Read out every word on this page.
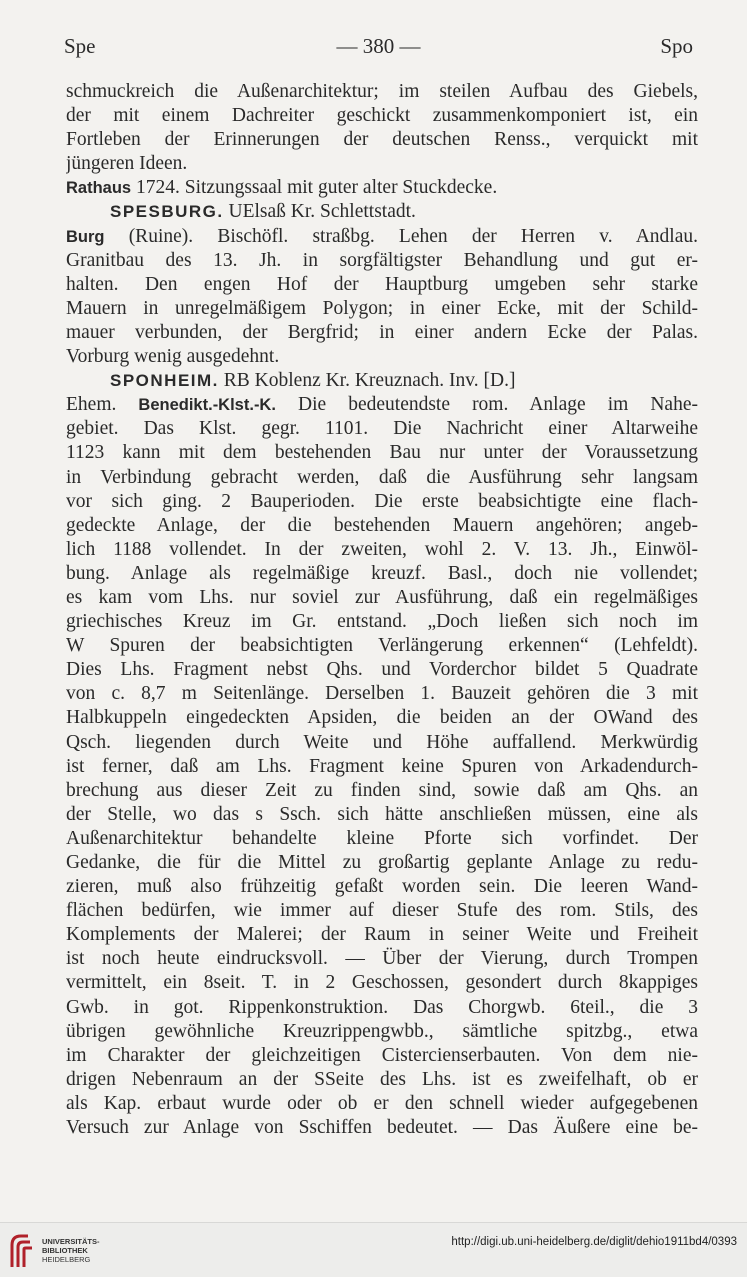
Spe	— 380 —	Spo
schmuckreich die Außenarchitektur; im steilen Aufbau des Giebels,
der mit einem Dachreiter geschickt zusammenkomponiert ist, ein
Fortleben der Erinnerungen der deutschen Renss., verquickt mit
jüngeren Ideen.
Rathaus 1724. Sitzungssaal mit guter alter Stuckdecke.
SPESBURG. UElsaß Kr. Schlettstadt.
Burg (Ruine). Bischöfl. straßbg. Lehen der Herren v. Andlau.
Granitbau des 13. Jh. in sorgfältigster Behandlung und gut er-
halten. Den engen Hof der Hauptburg umgeben sehr starke
Mauern in unregelmäßigem Polygon; in einer Ecke, mit der Schild-
mauer verbunden, der Bergfrid; in einer andern Ecke der Palas.
Vorburg wenig ausgedehnt.
SPONHEIM. RB Koblenz Kr. Kreuznach. Inv. [D.]
Ehem. Benedikt.-Klst.-K. Die bedeutendste rom. Anlage im Nahe-
gebiet. Das Klst. gegr. 1101. Die Nachricht einer Altarweihe
1123 kann mit dem bestehenden Bau nur unter der Voraussetzung
in Verbindung gebracht werden, daß die Ausführung sehr langsam
vor sich ging. 2 Bauperioden. Die erste beabsichtigte eine flach-
gedeckte Anlage, der die bestehenden Mauern angehören; angeb-
lich 1188 vollendet. In der zweiten, wohl 2. V. 13. Jh., Einwöl-
bung. Anlage als regelmäßige kreuzf. Basl., doch nie vollendet;
es kam vom Lhs. nur soviel zur Ausführung, daß ein regelmäßiges
griechisches Kreuz im Gr. entstand. „Doch ließen sich noch im
W Spuren der beabsichtigten Verlängerung erkennen“ (Lehfeldt).
Dies Lhs. Fragment nebst Qhs. und Vorderchor bildet 5 Quadrate
von c. 8,7 m Seitenlänge. Derselben 1. Bauzeit gehören die 3 mit
Halbkuppeln eingedeckten Apsiden, die beiden an der OWand des
Qsch. liegenden durch Weite und Höhe auffallend. Merkwürdig
ist ferner, daß am Lhs. Fragment keine Spuren von Arkadendurch-
brechung aus dieser Zeit zu finden sind, sowie daß am Qhs. an
der Stelle, wo das s Ssch. sich hätte anschließen müssen, eine als
Außenarchitektur behandelte kleine Pforte sich vorfindet. Der
Gedanke, die für die Mittel zu großartig geplante Anlage zu redu-
zieren, muß also frühzeitig gefaßt worden sein. Die leeren Wand-
flächen bedürfen, wie immer auf dieser Stufe des rom. Stils, des
Komplements der Malerei; der Raum in seiner Weite und Freiheit
ist noch heute eindrucksvoll. — Über der Vierung, durch Trompen
vermittelt, ein 8seit. T. in 2 Geschossen, gesondert durch 8kappiges
Gwb. in got. Rippenkonstruktion. Das Chorgwb. 6teil., die 3
übrigen gewöhnliche Kreuzrippengwbb., sämtliche spitzbg., etwa
im Charakter der gleichzeitigen Cistercienserbauten. Von dem nie-
drigen Nebenraum an der SSeite des Lhs. ist es zweifelhaft, ob er
als Kap. erbaut wurde oder ob er den schnell wieder aufgegebenen
Versuch zur Anlage von Sschiffen bedeutet. — Das Äußere eine be-
UNIVERSITÄTS-
BIBLIOTHEK
HEIDELBERG
http://digi.ub.uni-heidelberg.de/diglit/dehio1911bd4/0393
